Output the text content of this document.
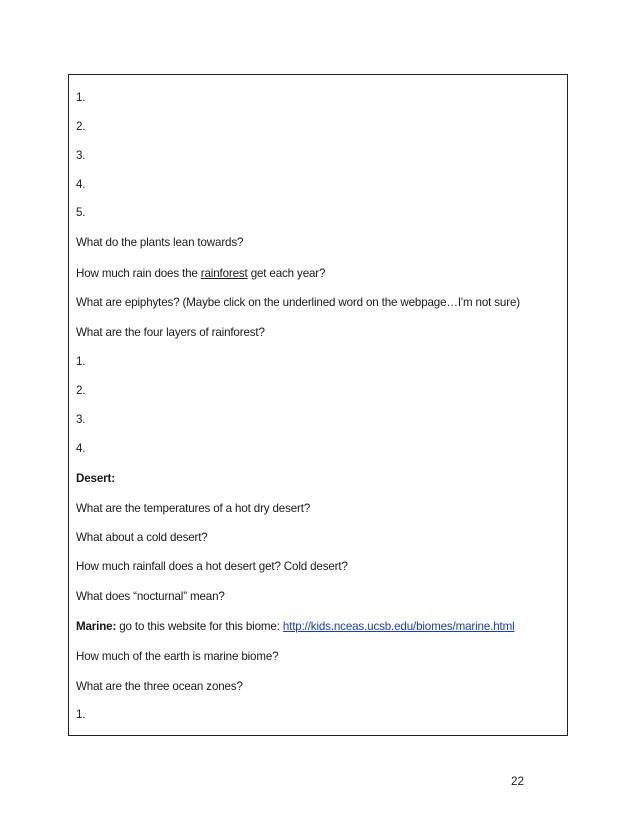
1.
2.
3.
4.
5.
What do the plants lean towards?
How much rain does the rainforest get each year?
What are epiphytes? (Maybe click on the underlined word on the webpage…I'm not sure)
What are the four layers of rainforest?
1.
2.
3.
4.
Desert:
What are the temperatures of a hot dry desert?
What about a cold desert?
How much rainfall does a hot desert get? Cold desert?
What does “nocturnal” mean?
Marine: go to this website for this biome: http://kids.nceas.ucsb.edu/biomes/marine.html
How much of the earth is marine biome?
What are the three ocean zones?
1.
22
